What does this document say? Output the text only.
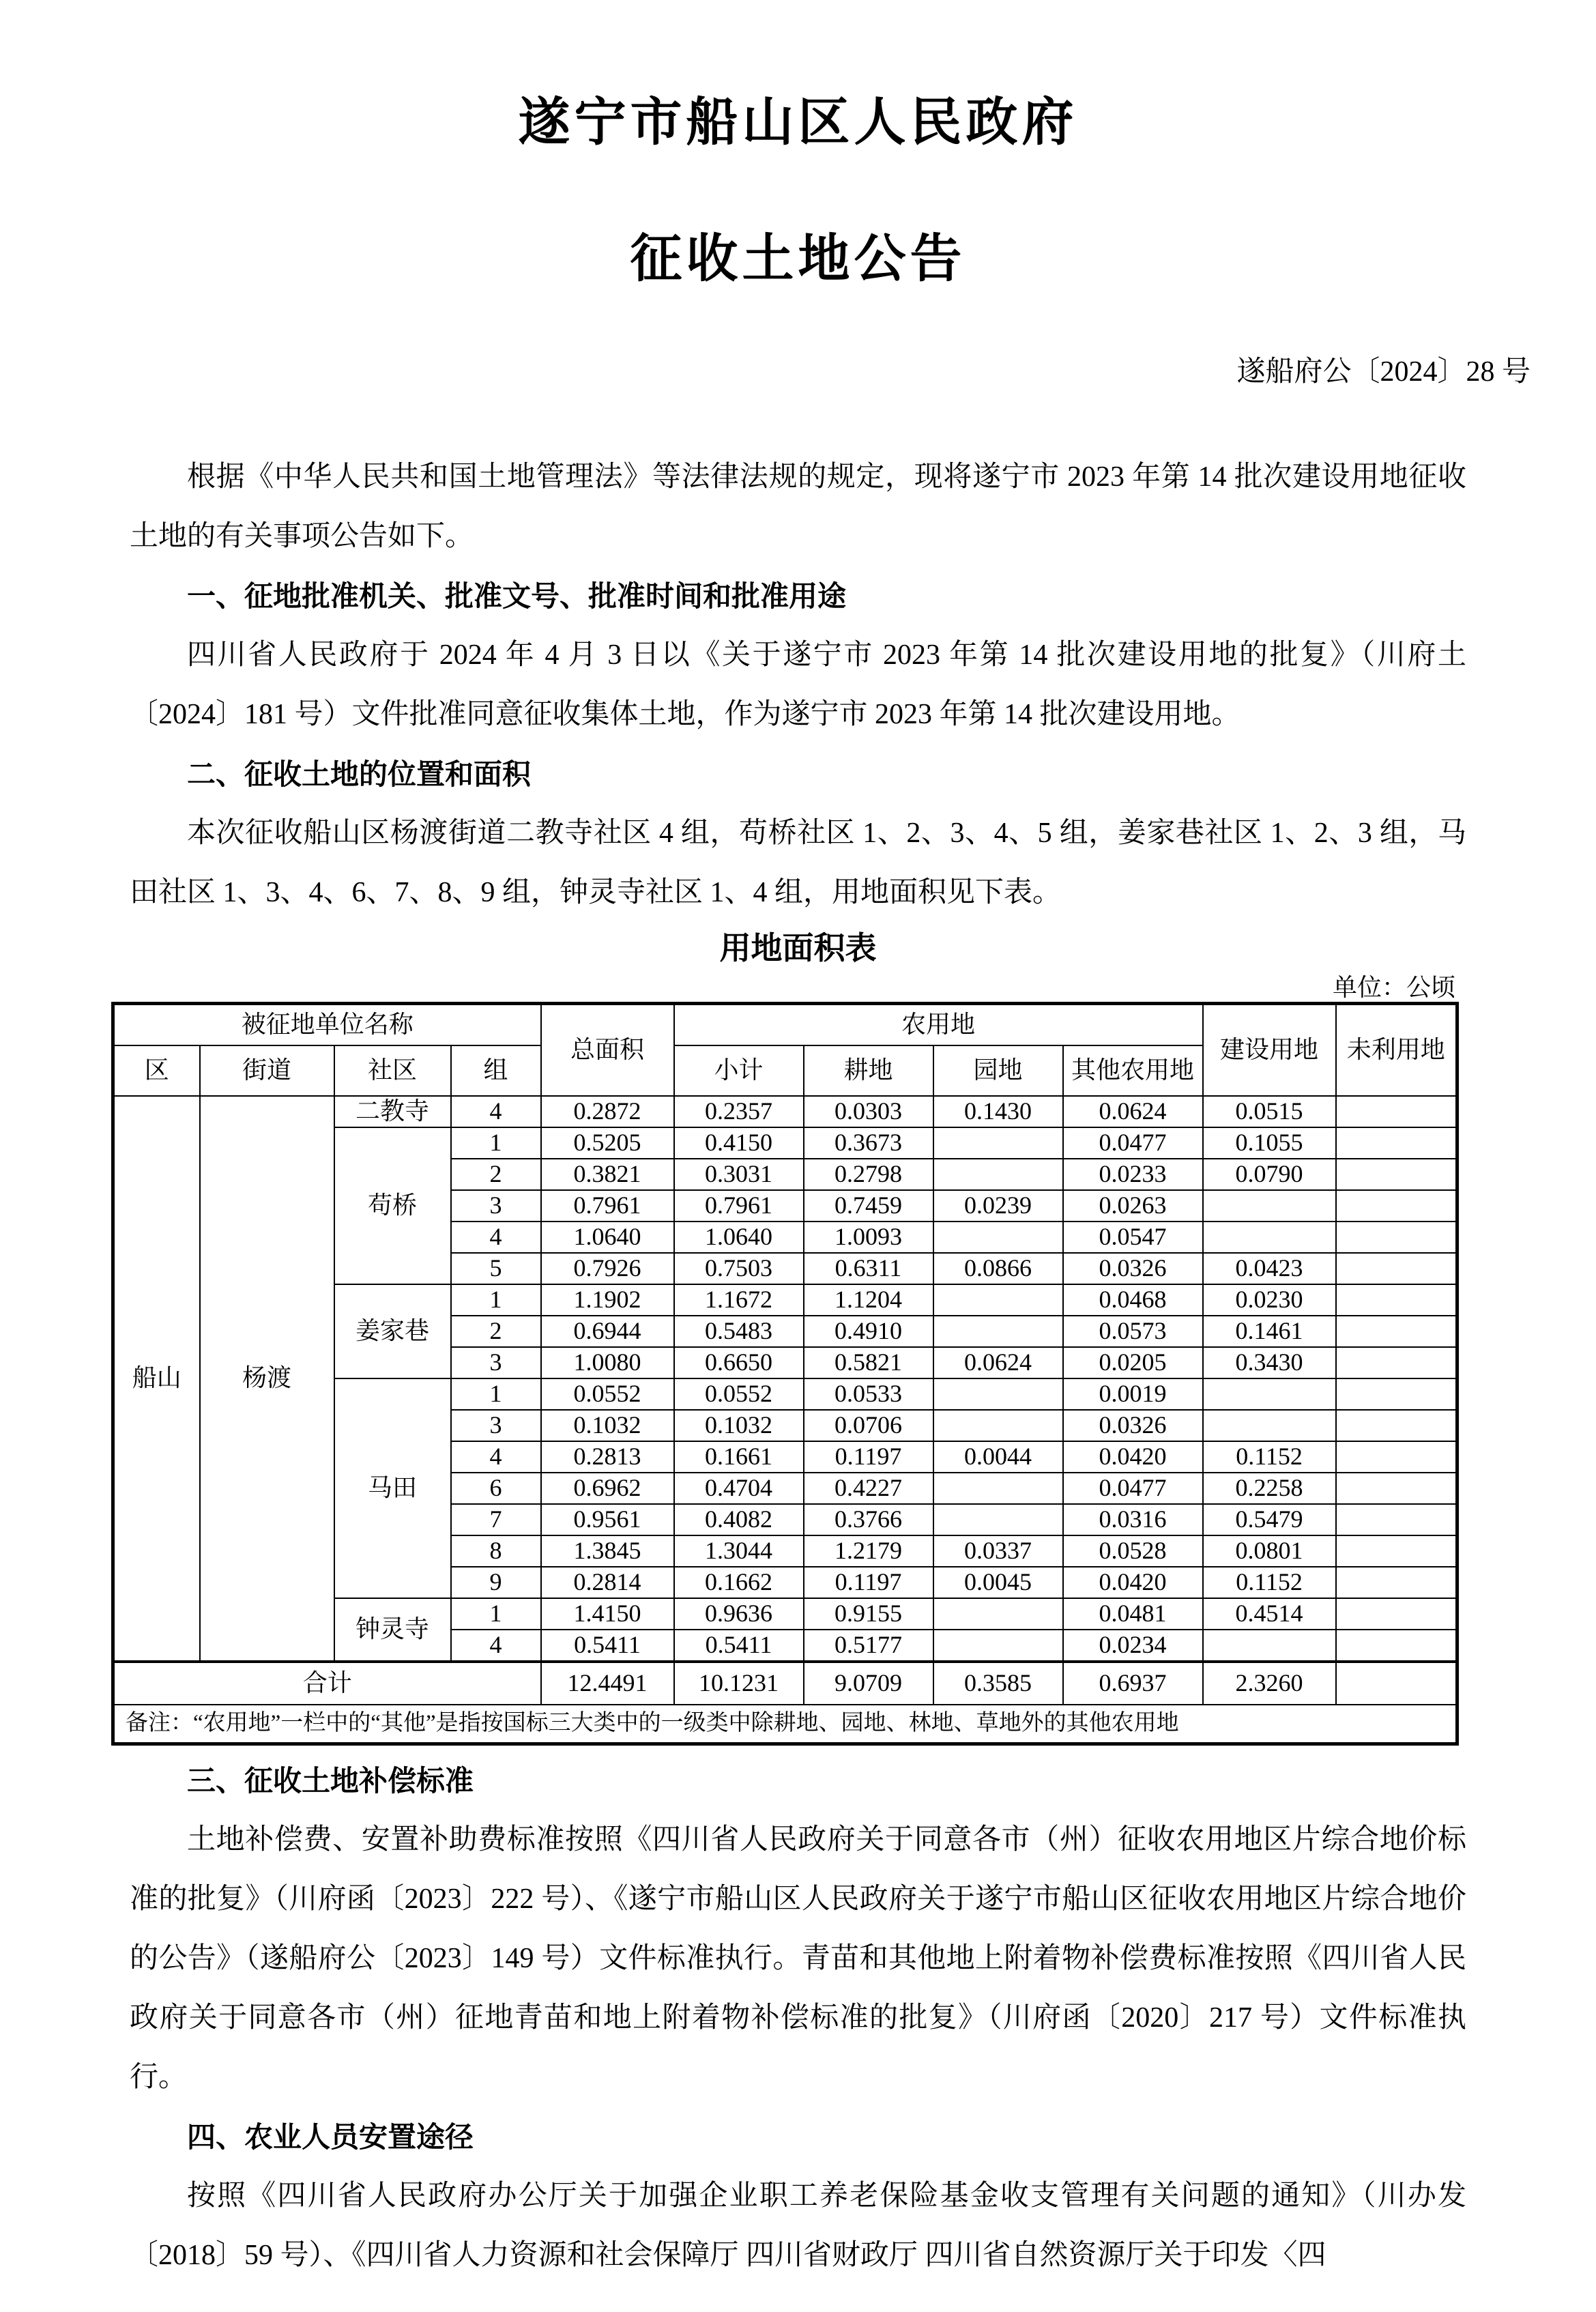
遂宁市船山区人民政府
征收土地公告
遂船府公〔2024〕28 号

根据《中华人民共和国土地管理法》等法律法规的规定，现将遂宁市 2023 年第 14 批次建设用地征收土地的有关事项公告如下。

一、征地批准机关、批准文号、批准时间和批准用途

四川省人民政府于 2024 年 4 月 3 日以《关于遂宁市 2023 年第 14 批次建设用地的批复》（川府土〔2024〕181 号）文件批准同意征收集体土地，作为遂宁市 2023 年第 14 批次建设用地。

二、征收土地的位置和面积

本次征收船山区杨渡街道二教寺社区 4 组，苟桥社区 1、2、3、4、5 组，姜家巷社区 1、2、3 组，马田社区 1、3、4、6、7、8、9 组，钟灵寺社区 1、4 组，用地面积见下表。

用地面积表
单位：公顷
被征地单位名称				总面积	农用地				建设用地	未利用地
区	街道	社区	组		小计	耕地	园地	其他农用地		
船山	杨渡	二教寺	4	0.2872	0.2357	0.0303	0.1430	0.0624	0.0515	
		苟桥	1	0.5205	0.4150	0.3673		0.0477	0.1055	
			2	0.3821	0.3031	0.2798		0.0233	0.0790	
			3	0.7961	0.7961	0.7459	0.0239	0.0263		
			4	1.0640	1.0640	1.0093		0.0547		
			5	0.7926	0.7503	0.6311	0.0866	0.0326	0.0423	
		姜家巷	1	1.1902	1.1672	1.1204		0.0468	0.0230	
			2	0.6944	0.5483	0.4910		0.0573	0.1461	
			3	1.0080	0.6650	0.5821	0.0624	0.0205	0.3430	
		马田	1	0.0552	0.0552	0.0533		0.0019		
			3	0.1032	0.1032	0.0706		0.0326		
			4	0.2813	0.1661	0.1197	0.0044	0.0420	0.1152	
			6	0.6962	0.4704	0.4227		0.0477	0.2258	
			7	0.9561	0.4082	0.3766		0.0316	0.5479	
			8	1.3845	1.3044	1.2179	0.0337	0.0528	0.0801	
			9	0.2814	0.1662	0.1197	0.0045	0.0420	0.1152	
		钟灵寺	1	1.4150	0.9636	0.9155		0.0481	0.4514	
			4	0.5411	0.5411	0.5177		0.0234		
合计				12.4491	10.1231	9.0709	0.3585	0.6937	2.3260	
备注：“农用地”一栏中的“其他”是指按国标三大类中的一级类中除耕地、园地、林地、草地外的其他农用地										

三、征收土地补偿标准

土地补偿费、安置补助费标准按照《四川省人民政府关于同意各市（州）征收农用地区片综合地价标准的批复》（川府函〔2023〕222 号）、《遂宁市船山区人民政府关于遂宁市船山区征收农用地区片综合地价的公告》（遂船府公〔2023〕149 号）文件标准执行。青苗和其他地上附着物补偿费标准按照《四川省人民政府关于同意各市（州）征地青苗和地上附着物补偿标准的批复》（川府函〔2020〕217 号）文件标准执行。

四、农业人员安置途径

按照《四川省人民政府办公厅关于加强企业职工养老保险基金收支管理有关问题的通知》（川办发〔2018〕59 号）、《四川省人力资源和社会保障厅 四川省财政厅 四川省自然资源厅关于印发〈四
